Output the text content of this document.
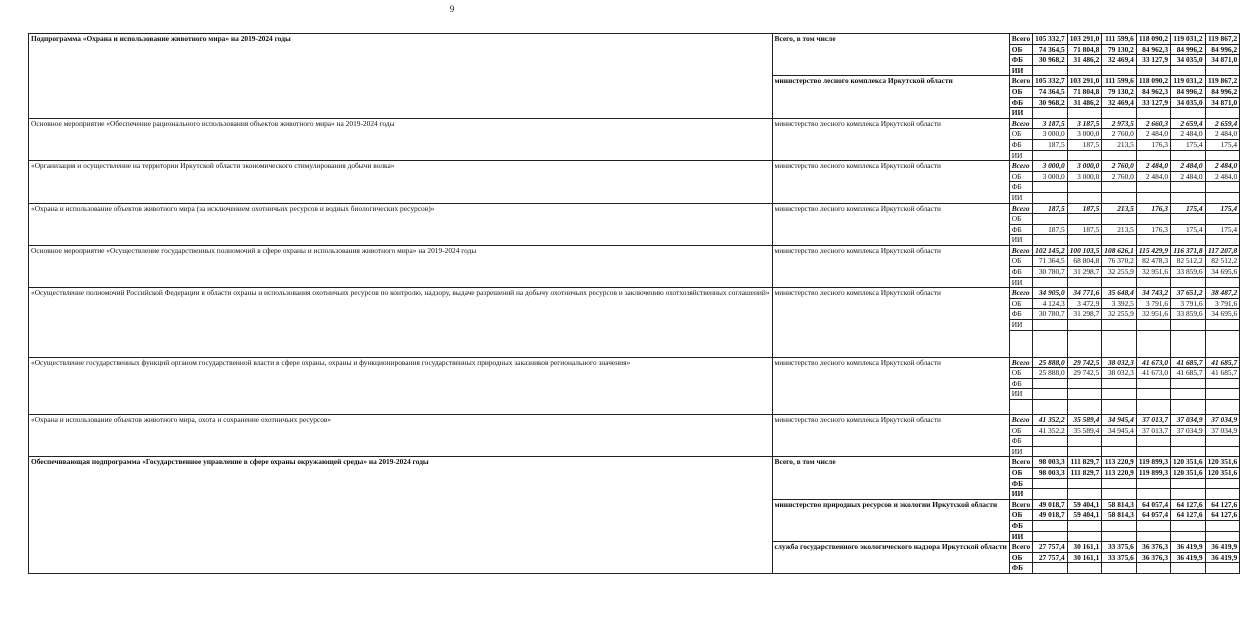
9
Подпрограмма «Охрана и использование животного мира» на 2019-2024 годы	Всего, в том числе	Всего	105 332,7	103 291,0	111 599,6	118 090,2	119 031,2	119 867,2
		ОБ	74 364,5	71 804,8	79 130,2	84 962,3	84 996,2	84 996,2
		ФБ	30 968,2	31 486,2	32 469,4	33 127,9	34 035,0	34 871,0
		ИИ						
	министерство лесного комплекса Иркутской области	Всего	105 332,7	103 291,0	111 599,6	118 090,2	119 031,2	119 867,2
		ОБ	74 364,5	71 804,8	79 130,2	84 962,3	84 996,2	84 996,2
		ФБ	30 968,2	31 486,2	32 469,4	33 127,9	34 035,0	34 871,0
		ИИ						
Основное мероприятие «Обеспечение рационального использования объектов животного мира» на 2019-2024 годы	министерство лесного комплекса Иркутской области	Всего	3 187,5	3 187,5	2 973,5	2 660,3	2 659,4	2 659,4
		ОБ	3 000,0	3 000,0	2 760,0	2 484,0	2 484,0	2 484,0
		ФБ	187,5	187,5	213,5	176,3	175,4	175,4
		ИИ						
«Организация и осуществление на территории Иркутской области экономического стимулирования добычи волка»	министерство лесного комплекса Иркутской области	Всего	3 000,0	3 000,0	2 760,0	2 484,0	2 484,0	2 484,0
		ОБ	3 000,0	3 000,0	2 760,0	2 484,0	2 484,0	2 484,0
		ФБ						
		ИИ						
«Охрана и использование объектов животного мира (за исключением охотничьих ресурсов и водных биологических ресурсов)»	министерство лесного комплекса Иркутской области	Всего	187,5	187,5	213,5	176,3	175,4	175,4
		ОБ						
		ФБ	187,5	187,5	213,5	176,3	175,4	175,4
		ИИ						
Основное мероприятие «Осуществление государственных полномочий в сфере охраны и использования животного мира» на 2019-2024 годы	министерство лесного комплекса Иркутской области	Всего	102 145,2	100 103,5	108 626,1	115 429,9	116 371,8	117 207,8
		ОБ	71 364,5	68 804,8	76 370,2	82 478,3	82 512,2	82 512,2
		ФБ	30 780,7	31 298,7	32 255,9	32 951,6	33 859,6	34 695,6
		ИИ						
«Осуществление полномочий Российской Федерации в области охраны и использования охотничьих ресурсов по контролю, надзору, выдаче разрешений на добычу охотничьих ресурсов и заключению охотхозяйственных соглашений»	министерство лесного комплекса Иркутской области	Всего	34 905,0	34 771,6	35 648,4	34 743,2	37 651,2	38 487,2
		ОБ	4 124,3	3 472,9	3 392,5	3 791,6	3 791,6	3 791,6
		ФБ	30 780,7	31 298,7	32 255,9	32 951,6	33 859,6	34 695,6
		ИИ						

«Осуществление государственных функций органом государственной власти в сфере охраны, охраны и функционирования государственных природных заказников регионального значения»	министерство лесного комплекса Иркутской области	Всего	25 888,0	29 742,5	38 032,3	41 673,0	41 685,7	41 685,7
		ОБ	25 888,0	29 742,5	38 032,3	41 673,0	41 685,7	41 685,7
		ФБ						
		ИИ						

«Охрана и использование объектов животного мира, охота и сохранение охотничьих ресурсов»	министерство лесного комплекса Иркутской области	Всего	41 352,2	35 589,4	34 945,4	37 013,7	37 034,9	37 034,9
		ОБ	41 352,2	35 589,4	34 945,4	37 013,7	37 034,9	37 034,9
		ФБ						
		ИИ						
Обеспечивающая подпрограмма «Государственное управление в сфере охраны окружающей среды» на 2019-2024 годы	Всего, в том числе	Всего	98 003,3	111 829,7	113 220,9	119 899,3	120 351,6	120 351,6
		ОБ	98 003,3	111 829,7	113 220,9	119 899,3	120 351,6	120 351,6
		ФБ						
		ИИ						
	министерство природных ресурсов и экологии Иркутской области	Всего	49 018,7	59 404,1	58 814,3	64 057,4	64 127,6	64 127,6
		ОБ	49 018,7	59 404,1	58 814,3	64 057,4	64 127,6	64 127,6
		ФБ						
		ИИ						
	служба государственного экологического надзора Иркутской области	Всего	27 757,4	30 161,1	33 375,6	36 376,3	36 419,9	36 419,9
		ОБ	27 757,4	30 161,1	33 375,6	36 376,3	36 419,9	36 419,9
		ФБ						
